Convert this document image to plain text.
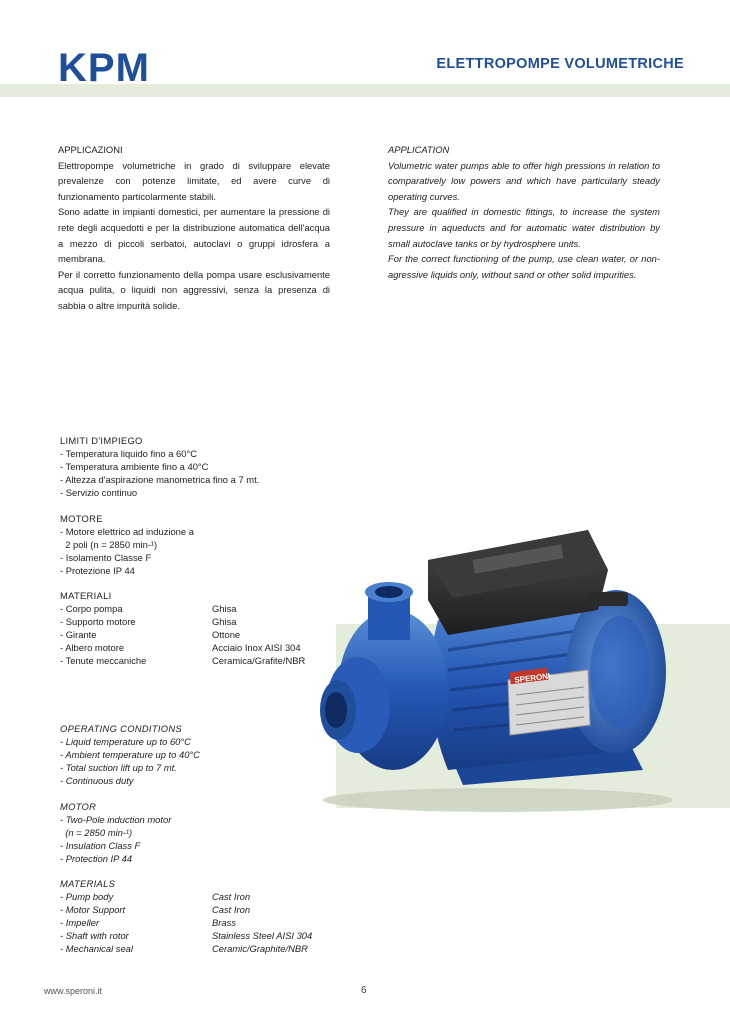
KPM	ELETTROPOMPE VOLUMETRICHE

APPLICAZIONI

Elettropompe volumetriche in grado di sviluppare elevate prevalenze con potenze limitate, ed avere curve di funzionamento particolarmente stabili.

Sono adatte in impianti domestici, per aumentare la pressione di rete degli acquedotti e per la distribuzione automatica dell'acqua a mezzo di piccoli serbatoi, autoclavi o gruppi idrosfera a membrana.

Per il corretto funzionamento della pompa usare esclusivamente acqua pulita, o liquidi non aggressivi, senza la presenza di sabbia o altre impurità solide.

APPLICATION

Volumetric water pumps able to offer high pressions in relation to comparatively low powers and which have particularly steady operating curves.

They are qualified in domestic fittings, to increase the system pressure in aqueducts and for automatic water distribution by small autoclave tanks or by hydrosphere units.

For the correct functioning of the pump, use clean water, or non-agressive liquids only, without sand or other solid impurities.

LIMITI D'IMPIEGO
- Temperatura liquido fino a 60°C
- Temperatura ambiente fino a 40°C
- Altezza d'aspirazione manometrica fino a 7 mt.
- Servizio continuo
MOTORE
- Motore elettrico ad induzione a
2 poli (n = 2850 min-¹)
- Isolamento Classe F
- Protezione IP 44
MATERIALI
- Corpo pompa	Ghisa
- Supporto motore	Ghisa
- Girante	Ottone
- Albero motore	Acciaio Inox AISI 304
- Tenute meccaniche	Ceramica/Grafite/NBR
OPERATING CONDITIONS
- Liquid temperature up to 60°C
- Ambient temperature up to 40°C
- Total suction lift up to 7 mt.
- Continuous duty
MOTOR
- Two-Pole induction motor
(n = 2850 min-¹)
- Insulation Class F
- Protection IP 44
MATERIALS
- Pump body	Cast Iron
- Motor Support	Cast Iron
- Impeller	Brass
- Shaft with rotor	Stainless Steel AISI 304
- Mechanical seal	Ceramic/Graphite/NBR
SPERONI
www.speroni.it	6
